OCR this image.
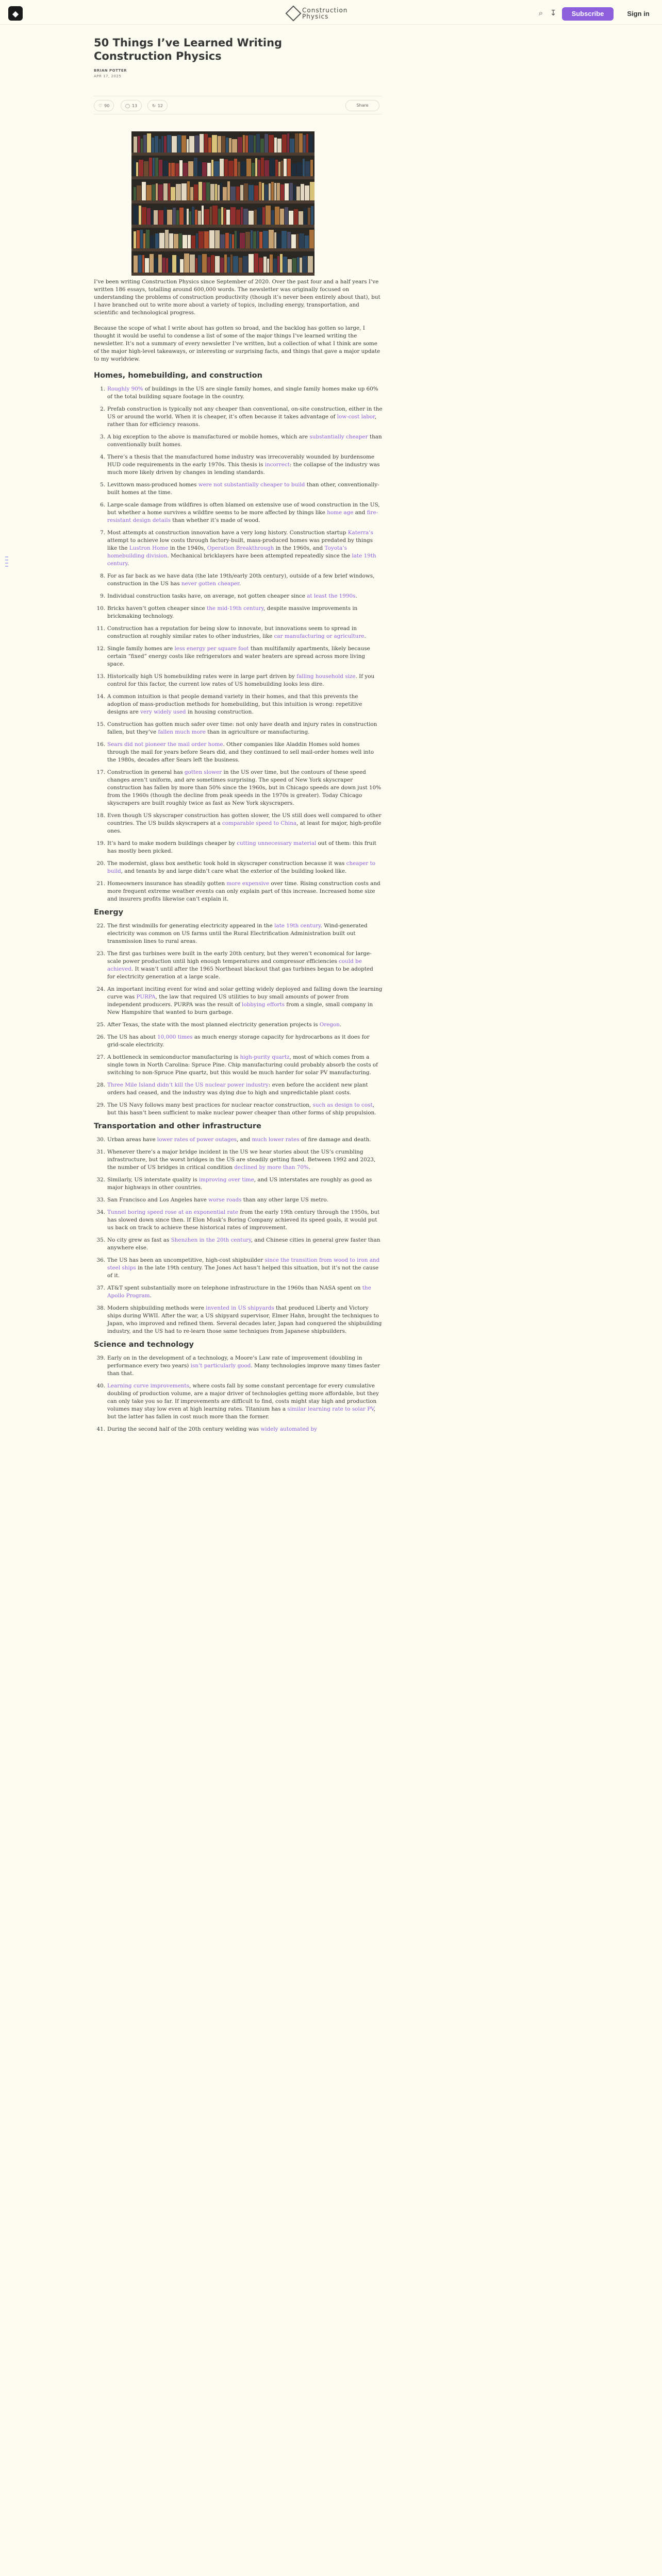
◆	Construction
Physics	⌕ ↧	Subscribe	Sign in
50 Things I’ve Learned Writing Construction Physics
BRIAN POTTER
APR 17, 2025
♡ 90	◯ 13	↻ 12	Share

I’ve been writing Construction Physics since September of 2020. Over the past four and a half years I’ve written 186 essays, totalling around 600,000 words. The newsletter was originally focused on understanding the problems of construction productivity (though it’s never been entirely about that), but I have branched out to write more about a variety of topics, including energy, transportation, and scientific and technological progress.

Because the scope of what I write about has gotten so broad, and the backlog has gotten so large, I thought it would be useful to condense a list of some of the major things I’ve learned writing the newsletter. It’s not a summary of every newsletter I’ve written, but a collection of what I think are some of the major high-level takeaways, or interesting or surprising facts, and things that gave a major update to my worldview.

Homes, homebuilding, and construction
1. Roughly 90% of buildings in the US are single family homes, and single family homes make up 60% of the total building square footage in the country.
2. Prefab construction is typically not any cheaper than conventional, on-site construction, either in the US or around the world. When it is cheaper, it’s often because it takes advantage of low-cost labor, rather than for efficiency reasons.
3. A big exception to the above is manufactured or mobile homes, which are substantially cheaper than conventionally built homes.
4. There’s a thesis that the manufactured home industry was irrecoverably wounded by burdensome HUD code requirements in the early 1970s. This thesis is incorrect: the collapse of the industry was much more likely driven by changes in lending standards.
5. Levittown mass-produced homes were not substantially cheaper to build than other, conventionally-built homes at the time.
6. Large-scale damage from wildfires is often blamed on extensive use of wood construction in the US, but whether a home survives a wildfire seems to be more affected by things like home age and fire-resistant design details than whether it’s made of wood.
7. Most attempts at construction innovation have a very long history. Construction startup Katerra’s attempt to achieve low costs through factory-built, mass-produced homes was predated by things like the Lustron Home in the 1940s, Operation Breakthrough in the 1960s, and Toyota’s homebuilding division. Mechanical bricklayers have been attempted repeatedly since the late 19th century.
8. For as far back as we have data (the late 19th/early 20th century), outside of a few brief windows, construction in the US has never gotten cheaper.
9. Individual construction tasks have, on average, not gotten cheaper since at least the 1990s.
10. Bricks haven’t gotten cheaper since the mid-19th century, despite massive improvements in brickmaking technology.
11. Construction has a reputation for being slow to innovate, but innovations seem to spread in construction at roughly similar rates to other industries, like car manufacturing or agriculture.
12. Single family homes are less energy per square foot than multifamily apartments, likely because certain “fixed” energy costs like refrigerators and water heaters are spread across more living space.
13. Historically high US homebuilding rates were in large part driven by falling household size. If you control for this factor, the current low rates of US homebuilding looks less dire.
14. A common intuition is that people demand variety in their homes, and that this prevents the adoption of mass-production methods for homebuilding, but this intuition is wrong: repetitive designs are very widely used in housing construction.
15. Construction has gotten much safer over time: not only have death and injury rates in construction fallen, but they’ve fallen much more than in agriculture or manufacturing.
16. Sears did not pioneer the mail order home. Other companies like Aladdin Homes sold homes through the mail for years before Sears did, and they continued to sell mail-order homes well into the 1980s, decades after Sears left the business.
17. Construction in general has gotten slower in the US over time, but the contours of these speed changes aren’t uniform, and are sometimes surprising. The speed of New York skyscraper construction has fallen by more than 50% since the 1960s, but in Chicago speeds are down just 10% from the 1960s (though the decline from peak speeds in the 1970s is greater). Today Chicago skyscrapers are built roughly twice as fast as New York skyscrapers.
18. Even though US skyscraper construction has gotten slower, the US still does well compared to other countries. The US builds skyscrapers at a comparable speed to China, at least for major, high-profile ones.
19. It’s hard to make modern buildings cheaper by cutting unnecessary material out of them: this fruit has mostly been picked.
20. The modernist, glass box aesthetic took hold in skyscraper construction because it was cheaper to build, and tenants by and large didn’t care what the exterior of the building looked like.
21. Homeowners insurance has steadily gotten more expensive over time. Rising construction costs and more frequent extreme weather events can only explain part of this increase. Increased home size and insurers profits likewise can’t explain it.
Energy
22. The first windmills for generating electricity appeared in the late 19th century. Wind-generated electricity was common on US farms until the Rural Electrification Administration built out transmission lines to rural areas.
23. The first gas turbines were built in the early 20th century, but they weren’t economical for large-scale power production until high enough temperatures and compressor efficiencies could be achieved. It wasn’t until after the 1965 Northeast blackout that gas turbines began to be adopted for electricity generation at a large scale.
24. An important inciting event for wind and solar getting widely deployed and falling down the learning curve was PURPA, the law that required US utilities to buy small amounts of power from independent producers. PURPA was the result of lobbying efforts from a single, small company in New Hampshire that wanted to burn garbage.
25. After Texas, the state with the most planned electricity generation projects is Oregon.
26. The US has about 10,000 times as much energy storage capacity for hydrocarbons as it does for grid-scale electricity.
27. A bottleneck in semiconductor manufacturing is high-purity quartz, most of which comes from a single town in North Carolina: Spruce Pine. Chip manufacturing could probably absorb the costs of switching to non-Spruce Pine quartz, but this would be much harder for solar PV manufacturing.
28. Three Mile Island didn’t kill the US nuclear power industry: even before the accident new plant orders had ceased, and the industry was dying due to high and unpredictable plant costs.
29. The US Navy follows many best practices for nuclear reactor construction, such as design to cost, but this hasn’t been sufficient to make nuclear power cheaper than other forms of ship propulsion.
Transportation and other infrastructure
30. Urban areas have lower rates of power outages, and much lower rates of fire damage and death.
31. Whenever there’s a major bridge incident in the US we hear stories about the US’s crumbling infrastructure, but the worst bridges in the US are steadily getting fixed. Between 1992 and 2023, the number of US bridges in critical condition declined by more than 70%.
32. Similarly, US interstate quality is improving over time, and US interstates are roughly as good as major highways in other countries.
33. San Francisco and Los Angeles have worse roads than any other large US metro.
34. Tunnel boring speed rose at an exponential rate from the early 19th century through the 1950s, but has slowed down since then. If Elon Musk’s Boring Company achieved its speed goals, it would put us back on track to achieve these historical rates of improvement.
35. No city grew as fast as Shenzhen in the 20th century, and Chinese cities in general grew faster than anywhere else.
36. The US has been an uncompetitive, high-cost shipbuilder since the transition from wood to iron and steel ships in the late 19th century. The Jones Act hasn’t helped this situation, but it’s not the cause of it.
37. AT&T spent substantially more on telephone infrastructure in the 1960s than NASA spent on the Apollo Program.
38. Modern shipbuilding methods were invented in US shipyards that produced Liberty and Victory ships during WWII. After the war, a US shipyard supervisor, Elmer Hahn, brought the techniques to Japan, who improved and refined them. Several decades later, Japan had conquered the shipbuilding industry, and the US had to re-learn those same techniques from Japanese shipbuilders.
Science and technology
39. Early on in the development of a technology, a Moore’s Law rate of improvement (doubling in performance every two years) isn’t particularly good. Many technologies improve many times faster than that.
40. Learning curve improvements, where costs fall by some constant percentage for every cumulative doubling of production volume, are a major driver of technologies getting more affordable, but they can only take you so far. If improvements are difficult to find, costs might stay high and production volumes may stay low even at high learning rates. Titanium has a similar learning rate to solar PV, but the latter has fallen in cost much more than the former.
41. During the second half of the 20th century welding was widely automated by
